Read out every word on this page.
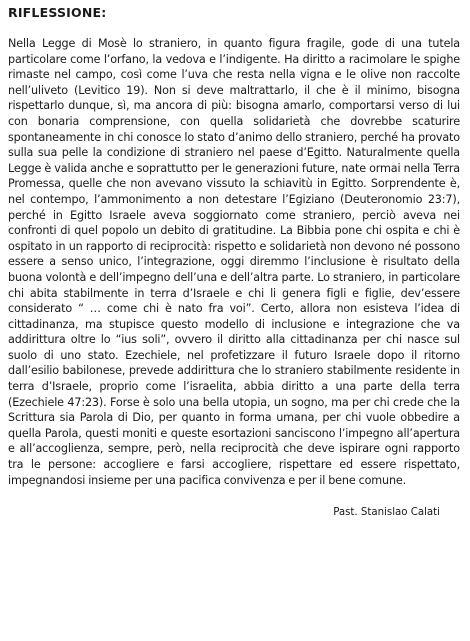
RIFLESSIONE:

Nella Legge di Mosè lo straniero, in quanto figura fragile, gode di una tutela particolare come l’orfano, la vedova e l’indigente. Ha diritto a racimolare le spighe rimaste nel campo, così come l’uva che resta nella vigna e le olive non raccolte nell’uliveto (Levitico 19). Non si deve maltrattarlo, il che è il minimo, bisogna rispettarlo dunque, sì, ma ancora di più: bisogna amarlo, comportarsi verso di lui con bonaria comprensione, con quella solidarietà che dovrebbe scaturire spontaneamente in chi conosce lo stato d’animo dello straniero, perché ha provato sulla sua pelle la condizione di straniero nel paese d’Egitto. Naturalmente quella Legge è valida anche e soprattutto per le generazioni future, nate ormai nella Terra Promessa, quelle che non avevano vissuto la schiavitù in Egitto. Sorprendente è, nel contempo, l’ammonimento a non detestare l’Egiziano (Deuteronomio 23:7), perché in Egitto Israele aveva soggiornato come straniero, perciò aveva nei confronti di quel popolo un debito di gratitudine. La Bibbia pone chi ospita e chi è ospitato in un rapporto di reciprocità: rispetto e solidarietà non devono né possono essere a senso unico, l’integrazione, oggi diremmo l’inclusione è risultato della buona volontà e dell’impegno dell’una e dell’altra parte. Lo straniero, in particolare chi abita stabilmente in terra d’Israele e chi li genera figli e figlie, dev’essere considerato “ … come chi è nato fra voi”. Certo, allora non esisteva l’idea di cittadinanza, ma stupisce questo modello di inclusione e integrazione che va addirittura oltre lo “ius soli”, ovvero il diritto alla cittadinanza per chi nasce sul suolo di uno stato. Ezechiele, nel profetizzare il futuro Israele dopo il ritorno dall’esilio babilonese, prevede addirittura che lo straniero stabilmente residente in terra d’Israele, proprio come l’israelita, abbia diritto a una parte della terra (Ezechiele 47:23). Forse è solo una bella utopia, un sogno, ma per chi crede che la Scrittura sia Parola di Dio, per quanto in forma umana, per chi vuole obbedire a quella Parola, questi moniti e queste esortazioni sanciscono l’impegno all’apertura e all’accoglienza, sempre, però, nella reciprocità che deve ispirare ogni rapporto tra le persone: accogliere e farsi accogliere, rispettare ed essere rispettato, impegnandosi insieme per una pacifica convivenza e per il bene comune.

Past. Stanislao Calati
